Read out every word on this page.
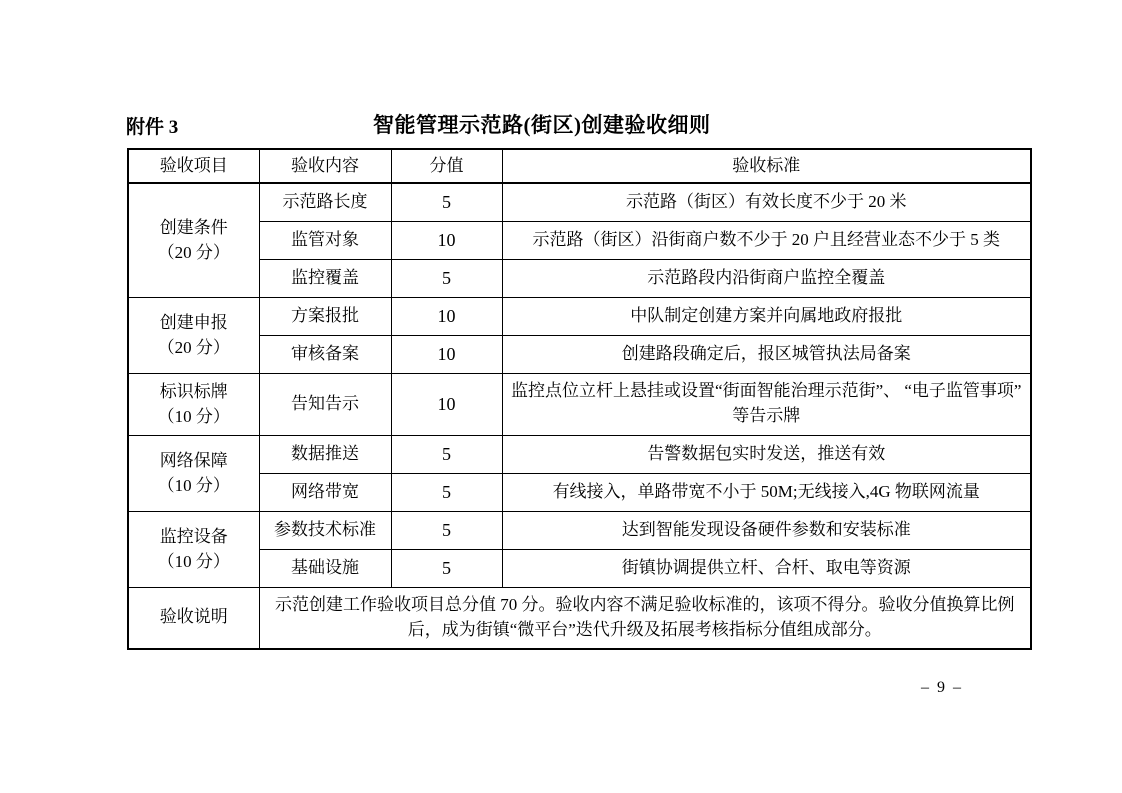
附件 3	智能管理示范路(街区)创建验收细则
验收项目	验收内容	分值	验收标准

创建条件
（20 分）	示范路长度	5	示范路（街区）有效长度不少于 20 米
	监管对象	10	示范路（街区）沿街商户数不少于 20 户且经营业态不少于 5 类
	监控覆盖	5	示范路段内沿街商户监控全覆盖

创建申报
（20 分）	方案报批	10	中队制定创建方案并向属地政府报批
	审核备案	10	创建路段确定后，报区城管执法局备案

标识标牌
（10 分）	告知告示	10	监控点位立杆上悬挂或设置“街面智能治理示范街”、 “电子监管事项” 等告示牌

网络保障
（10 分）	数据推送	5	告警数据包实时发送，推送有效
	网络带宽	5	有线接入，单路带宽不小于 50M;无线接入,4G 物联网流量

监控设备
（10 分）	参数技术标准	5	达到智能发现设备硬件参数和安装标准
	基础设施	5	街镇协调提供立杆、合杆、取电等资源
验收说明	示范创建工作验收项目总分值 70 分。验收内容不满足验收标准的，该项不得分。验收分值换算比例后，成为街镇“微平台”迭代升级及拓展考核指标分值组成部分。		
– 9 –
